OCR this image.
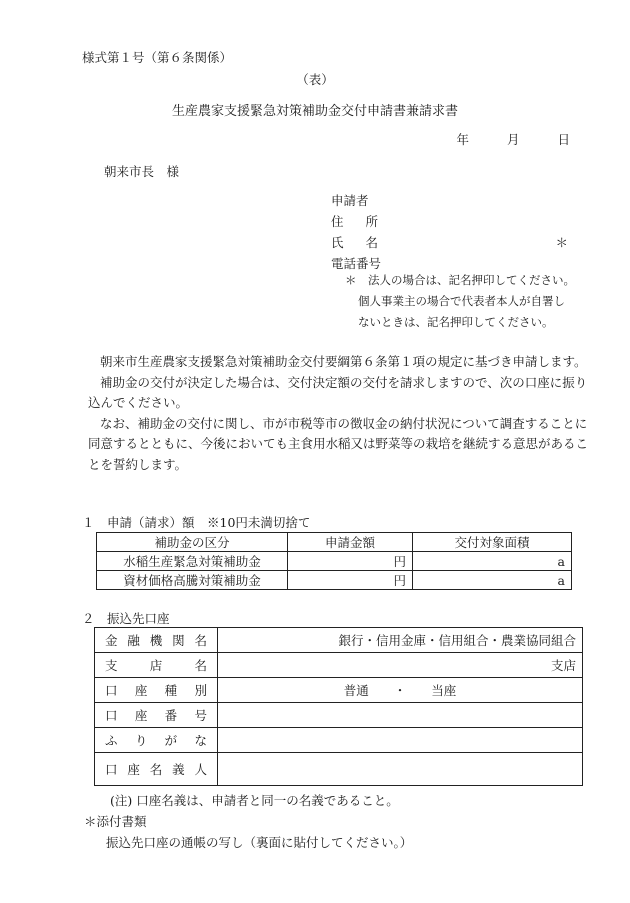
様式第１号（第６条関係）
（表）
生産農家支援緊急対策補助金交付申請書兼請求書
年	月	日
朝来市長　様
申請者
住 所
氏 名	＊
電話番号
＊　法人の場合は、記名押印してください。
個人事業主の場合で代表者本人が自署し
ないときは、記名押印してください。

朝来市生産農家支援緊急対策補助金交付要綱第６条第１項の規定に基づき申請します。

補助金の交付が決定した場合は、交付決定額の交付を請求しますので、次の口座に振り込んでください。

なお、補助金の交付に関し、市が市税等市の徴収金の納付状況について調査することに同意するとともに、今後においても主食用水稲又は野菜等の栽培を継続する意思があることを誓約します。

１　申請（請求）額　※10円未満切捨て
補助金の区分	申請金額	交付対象面積
水稲生産緊急対策補助金	円	a
資材価格高騰対策補助金	円	a
２　振込先口座
金 融 機 関 名	銀行・信用金庫・信用組合・農業協同組合

支 店 名	支店

口 座 種 別	普通　　・　　当座

口 座 番 号	

ふ り が な	

口 座 名 義 人	

(注) 口座名義は、申請者と同一の名義であること。
＊添付書類
振込先口座の通帳の写し（裏面に貼付してください。）
